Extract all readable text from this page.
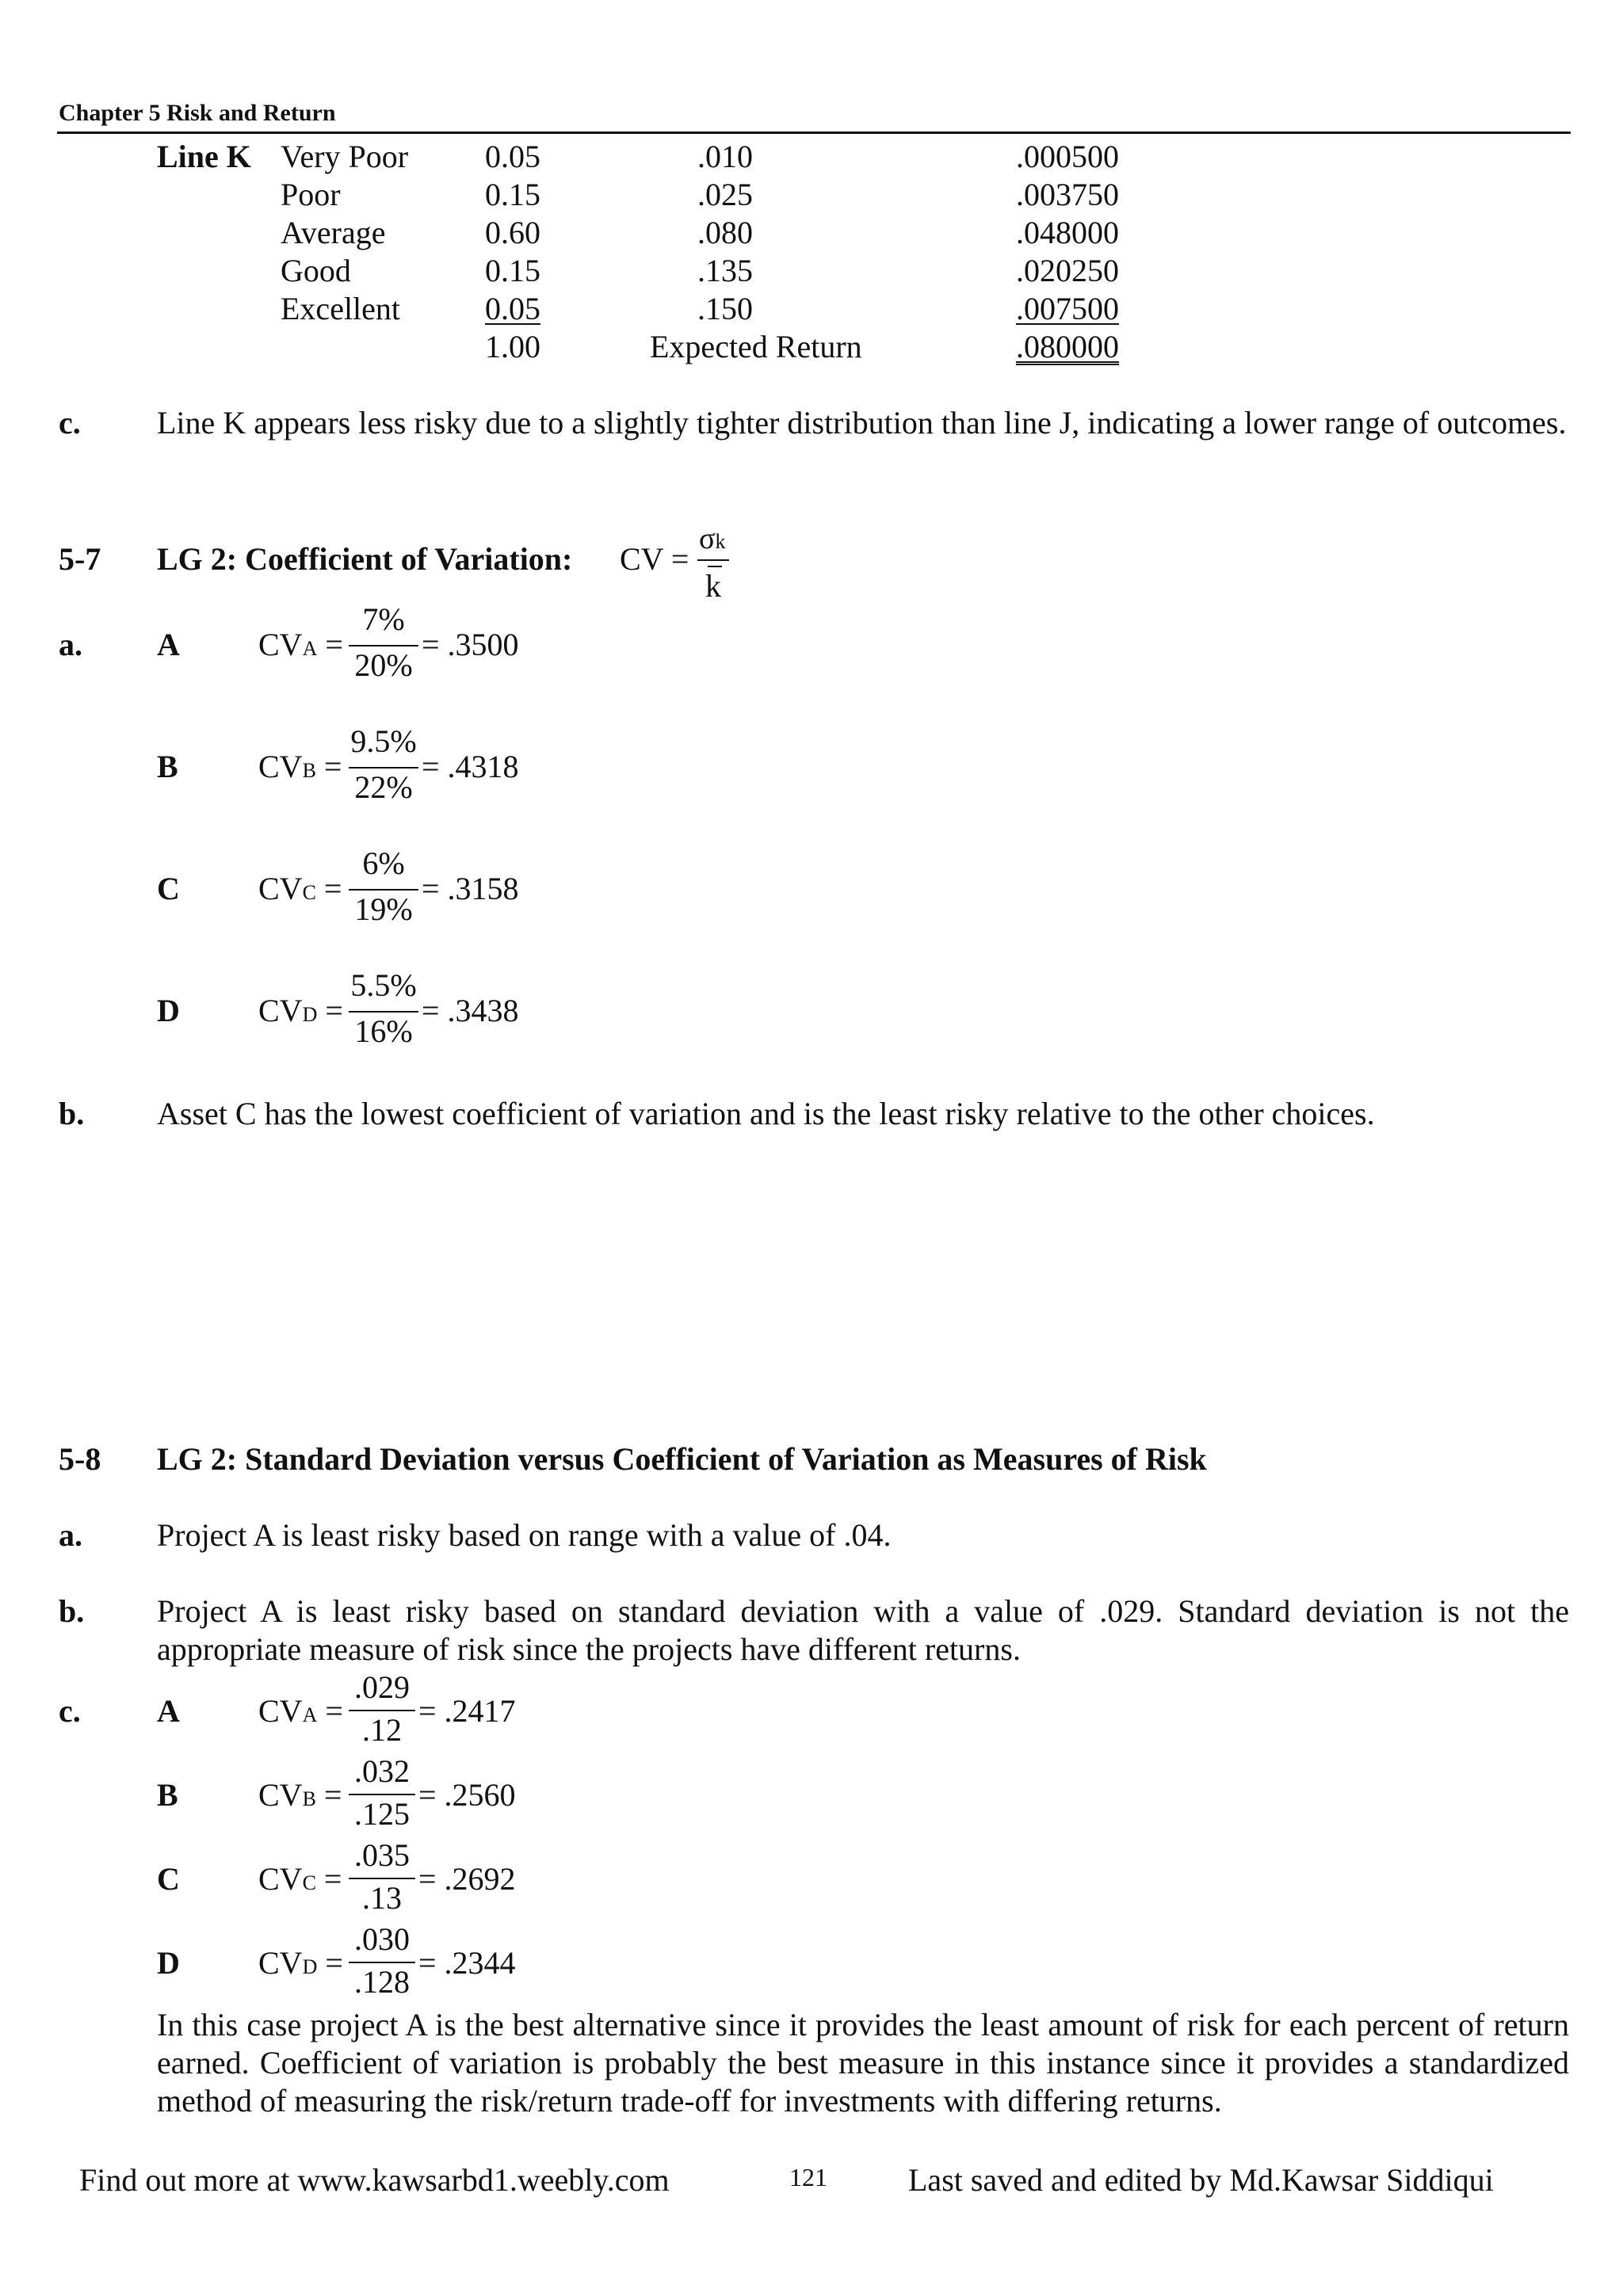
Chapter 5 Risk and Return
Line K Very Poor 0.05	.010	.000500
Poor	0.15	.025	.003750
Average	0.60	.080	.048000
Good	0.15	.135	.020250
Excellent	0.05	.150	.007500
1.00	Expected Return	.080000
c. Line K appears less risky due to a slightly tighter distribution than line J, indicating a lower range of outcomes.
5-7 LG 2: Coefficient of Variation: CV =
σk
k
a. A CVA =
7%
20%
= .3500
B	CVB =
9.5%
22%
= .4318
C CVC =
6%
19%
= .3158
D CVD =
5.5%
16%
= .3438
b. Asset C has the lowest coefficient of variation and is the least risky relative to the other choices.
5-8 LG 2: Standard Deviation versus Coefficient of Variation as Measures of Risk
a. Project A is least risky based on range with a value of .04.
b. Project A is least risky based on standard deviation with a value of .029. Standard deviation is not the appropriate measure of risk since the projects have different returns.
c. A CVA =
.029
.12
= .2417
B	CVB =
.032
.125
= .2560
C CVC =
.035
.13
= .2692
D CVD =
.030
.128
= .2344
In this case project A is the best alternative since it provides the least amount of risk for each percent of return earned. Coefficient of variation is probably the best measure in this instance since it provides a standardized method of measuring the risk/return trade-off for investments with differing returns.
Find out more at www.kawsarbd1.weebly.com	121	Last saved and edited by Md.Kawsar Siddiqui
